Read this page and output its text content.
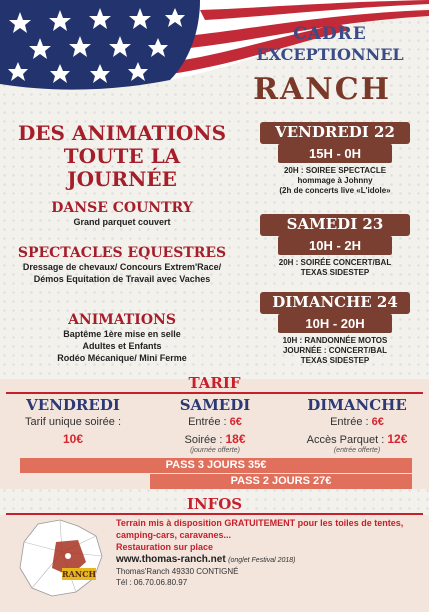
CADRE
EXCEPTIONNEL
RANCH
DES ANIMATIONS
TOUTE LA JOURNÉE
DANSE COUNTRY
Grand parquet couvert
SPECTACLES EQUESTRES
Dressage de chevaux/ Concours Extrem'Race/
Démos Equitation de Travail avec Vaches
ANIMATIONS
Baptême 1ère mise en selle
Adultes et Enfants
Rodéo Mécanique/ Mini Ferme
VENDREDI 22
15H - 0H
20H : SOIREE SPECTACLE
hommage à Johnny
(2h de concerts live «L'idole»
SAMEDI 23
10H - 2H
20H : SOIRÉE CONCERT/BAL
TEXAS SIDESTEP
DIMANCHE 24
10H - 20H
10H : RANDONNÉE MOTOS
JOURNÉE : CONCERT/BAL
TEXAS SIDESTEP
TARIF
VENDREDI	SAMEDI	DIMANCHE
Tarif unique soirée :
10€
Entrée : 6€
Soirée : 18€
(journée offerte)
Entrée : 6€
Accès Parquet : 12€
(entrée offerte)
PASS 3 JOURS 35€
PASS 2 JOURS 27€
INFOS
RANCH
Terrain mis à disposition GRATUITEMENT pour les toiles de tentes,
camping-cars, caravanes...
Restauration sur place
www.thomas-ranch.net (onglet Festival 2018)
Thomas'Ranch 49330 CONTIGNÉ
Tél : 06.70.06.80.97
